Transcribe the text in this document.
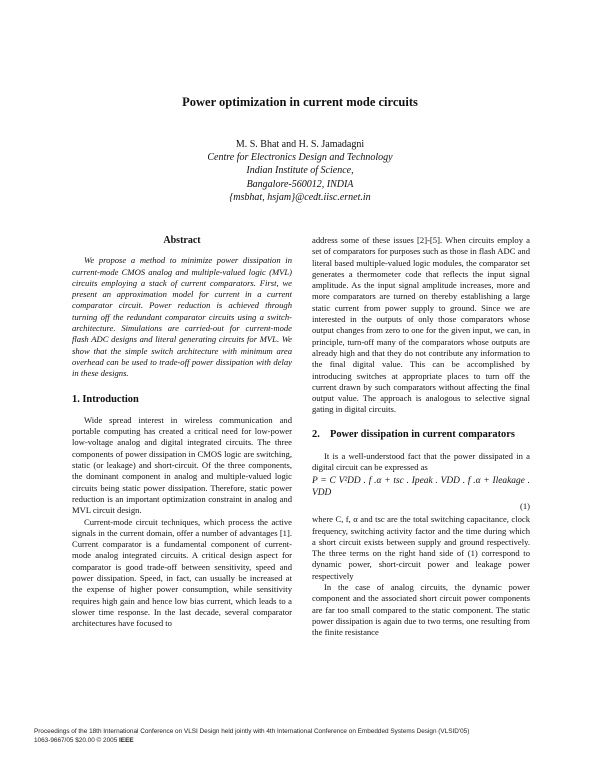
Power optimization in current mode circuits
M. S. Bhat and H. S. Jamadagni
Centre for Electronics Design and Technology
Indian Institute of Science,
Bangalore-560012, INDIA
{msbhat, hsjam}@cedt.iisc.ernet.in
Abstract

We propose a method to minimize power dissipation in current-mode CMOS analog and multiple-valued logic (MVL) circuits employing a stack of current comparators. First, we present an approximation model for current in a current comparator circuit. Power reduction is achieved through turning off the redundant comparator circuits using a switch-architecture. Simulations are carried-out for current-mode flash ADC designs and literal generating circuits for MVL. We show that the simple switch architecture with minimum area overhead can be used to trade-off power dissipation with delay in these designs.

1. Introduction

Wide spread interest in wireless communication and portable computing has created a critical need for low-power low-voltage analog and digital integrated circuits. The three components of power dissipation in CMOS logic are switching, static (or leakage) and short-circuit. Of the three components, the dominant component in analog and multiple-valued logic circuits being static power dissipation. Therefore, static power reduction is an important optimization constraint in analog and MVL circuit design.

Current-mode circuit techniques, which process the active signals in the current domain, offer a number of advantages [1]. Current comparator is a fundamental component of current-mode analog integrated circuits. A critical design aspect for comparator is good trade-off between sensitivity, speed and power dissipation. Speed, in fact, can usually be increased at the expense of higher power consumption, while sensitivity requires high gain and hence low bias current, which leads to a slower time response. In the last decade, several comparator architectures have focused to

address some of these issues [2]-[5]. When circuits employ a set of comparators for purposes such as those in flash ADC and literal based multiple-valued logic modules, the comparator set generates a thermometer code that reflects the input signal amplitude. As the input signal amplitude increases, more and more comparators are turned on thereby establishing a large static current from power supply to ground. Since we are interested in the outputs of only those comparators whose output changes from zero to one for the given input, we can, in principle, turn-off many of the comparators whose outputs are already high and that they do not contribute any information to the final digital value. This can be accomplished by introducing switches at appropriate places to turn off the current drawn by such comparators without affecting the final output value. The approach is analogous to selective signal gating in digital circuits.

2. Power dissipation in current comparators

It is a well-understood fact that the power dissipated in a digital circuit can be expressed as

P = C V²DD . f .α + tsc . Ipeak . VDD . f .α + Ileakage . VDD
(1)

where C, f, α and tsc are the total switching capacitance, clock frequency, switching activity factor and the time during which a short circuit exists between supply and ground respectively. The three terms on the right hand side of (1) correspond to dynamic power, short-circuit power and leakage power respectively

In the case of analog circuits, the dynamic power component and the associated short circuit power components are far too small compared to the static component. The static power dissipation is again due to two terms, one resulting from the finite resistance

Proceedings of the 18th International Conference on VLSI Design held jointly with 4th International Conference on Embedded Systems Design (VLSID'05)
1063-9667/05 $20.00 © 2005 IEEE
